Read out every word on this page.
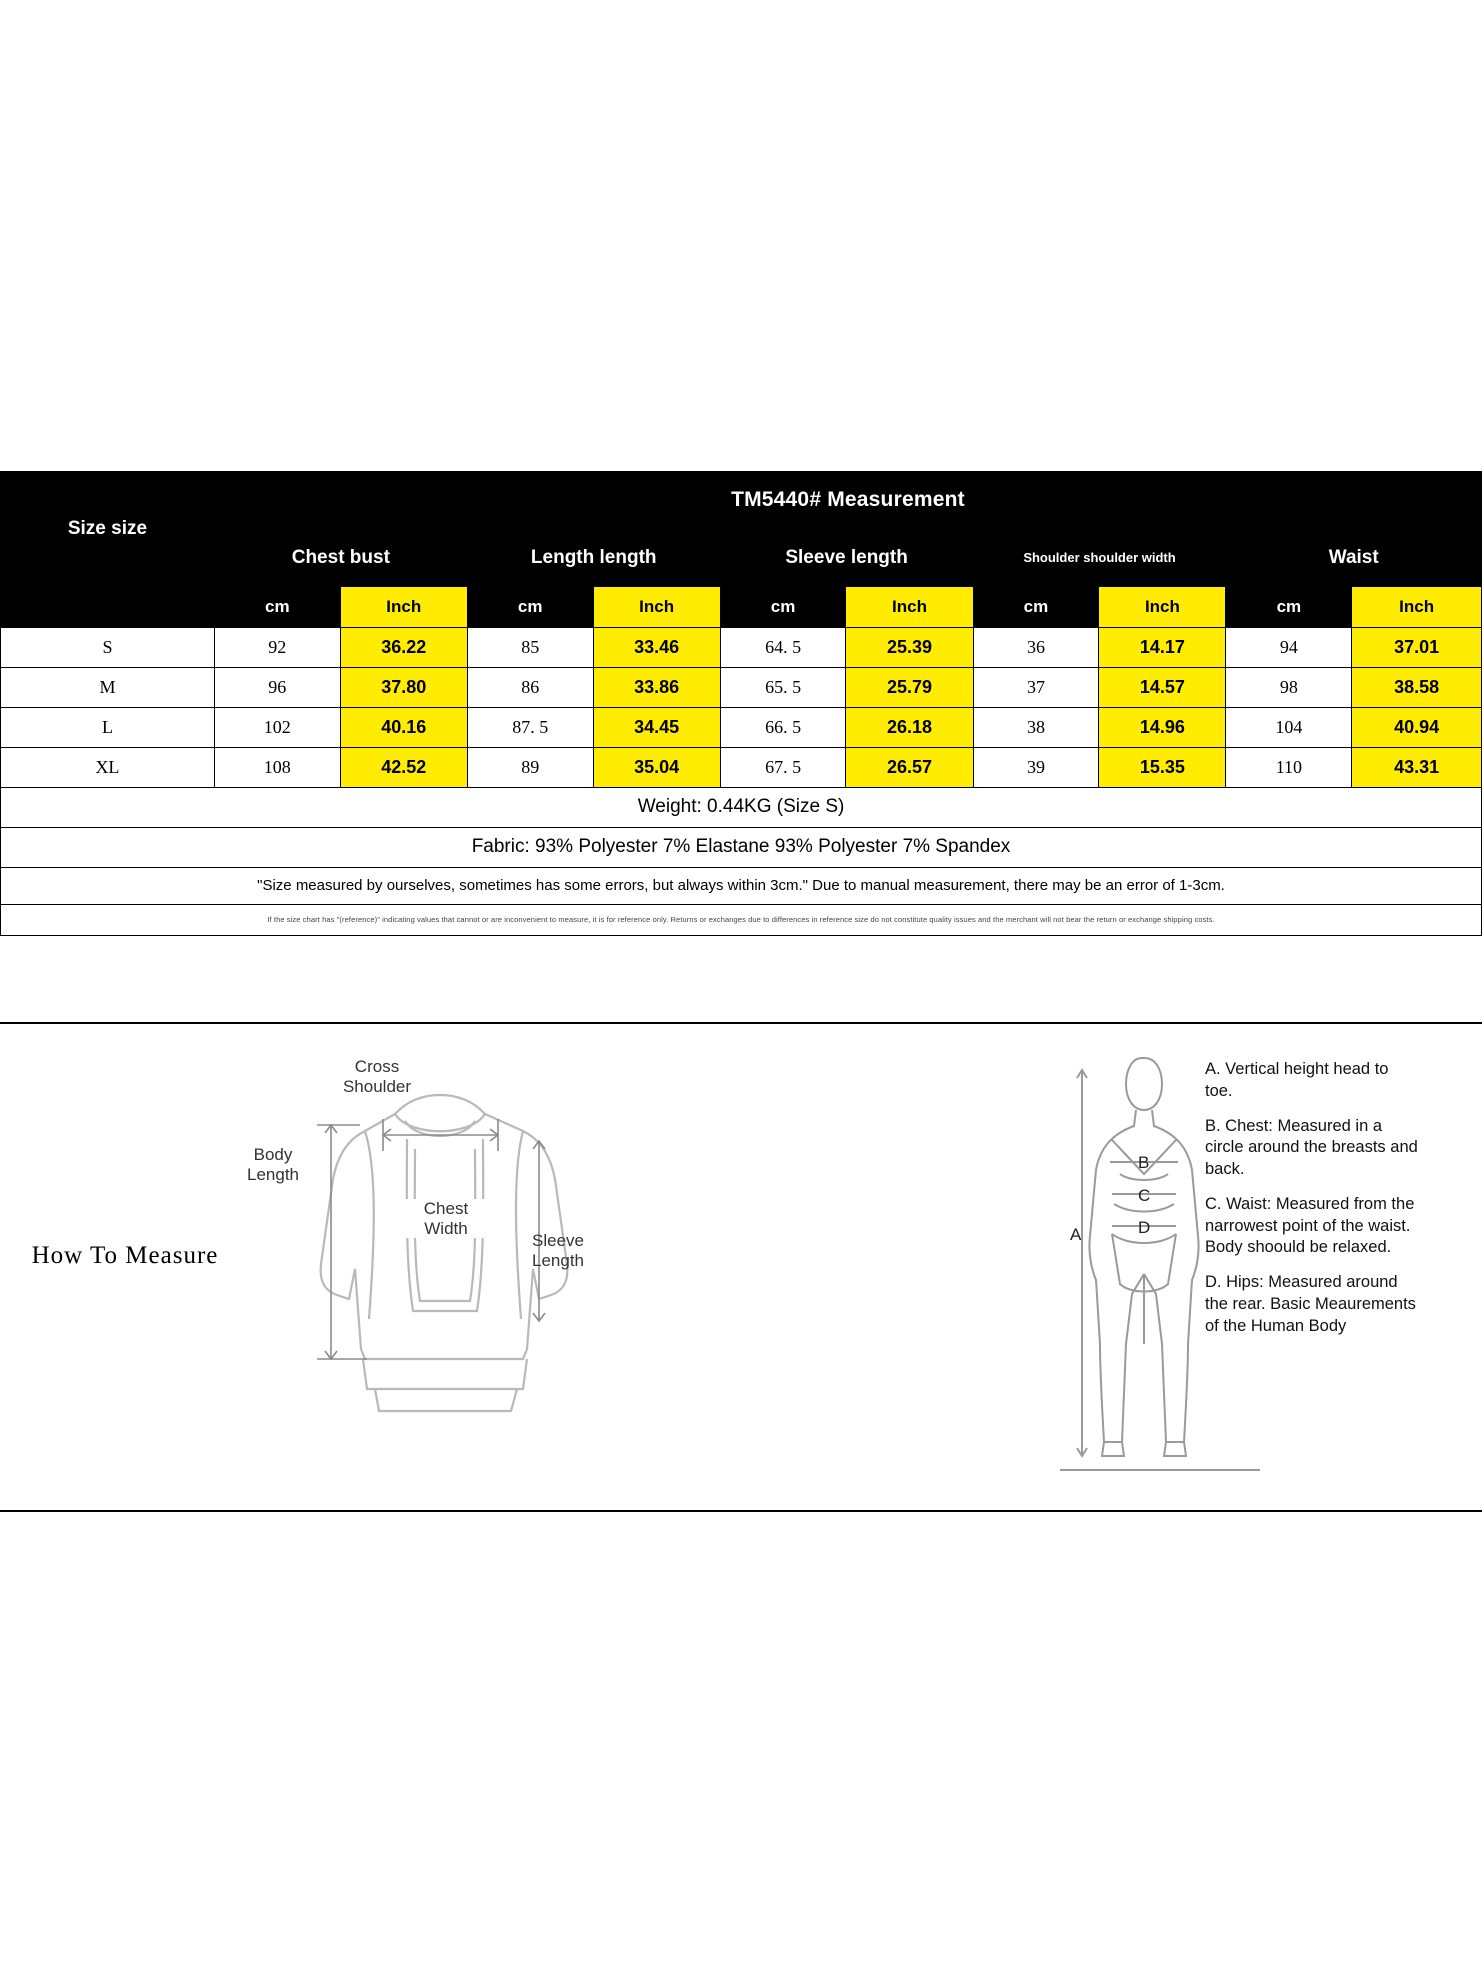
Size size	TM5440# Measurement									
	Chest bust		Length length		Sleeve length		Shoulder shoulder width		Waist	
	cm	Inch	cm	Inch	cm	Inch	cm	Inch	cm	Inch
S	92	36.22	85	33.46	64. 5	25.39	36	14.17	94	37.01
M	96	37.80	86	33.86	65. 5	25.79	37	14.57	98	38.58
L	102	40.16	87. 5	34.45	66. 5	26.18	38	14.96	104	40.94
XL	108	42.52	89	35.04	67. 5	26.57	39	15.35	110	43.31
Weight: 0.44KG (Size S)
Fabric: 93% Polyester 7% Elastane 93% Polyester 7% Spandex
"Size measured by ourselves, sometimes has some errors, but always within 3cm." Due to manual measurement, there may be an error of 1-3cm.
If the size chart has "(reference)" indicating values that cannot or are inconvenient to measure, it is for reference only. Returns or exchanges due to differences in reference size do not constitute quality issues and the merchant will not bear the return or exchange shipping costs.
How To Measure
Cross
Shoulder
Body
Length
Chest
Width
Sleeve
Length
A
B
C
D

A. Vertical height head to toe.

B. Chest: Measured in a circle around the breasts and back.

C. Waist: Measured from the narrowest point of the waist. Body shoould be relaxed.

D. Hips: Measured around the rear. Basic Meaurements of the Human Body
